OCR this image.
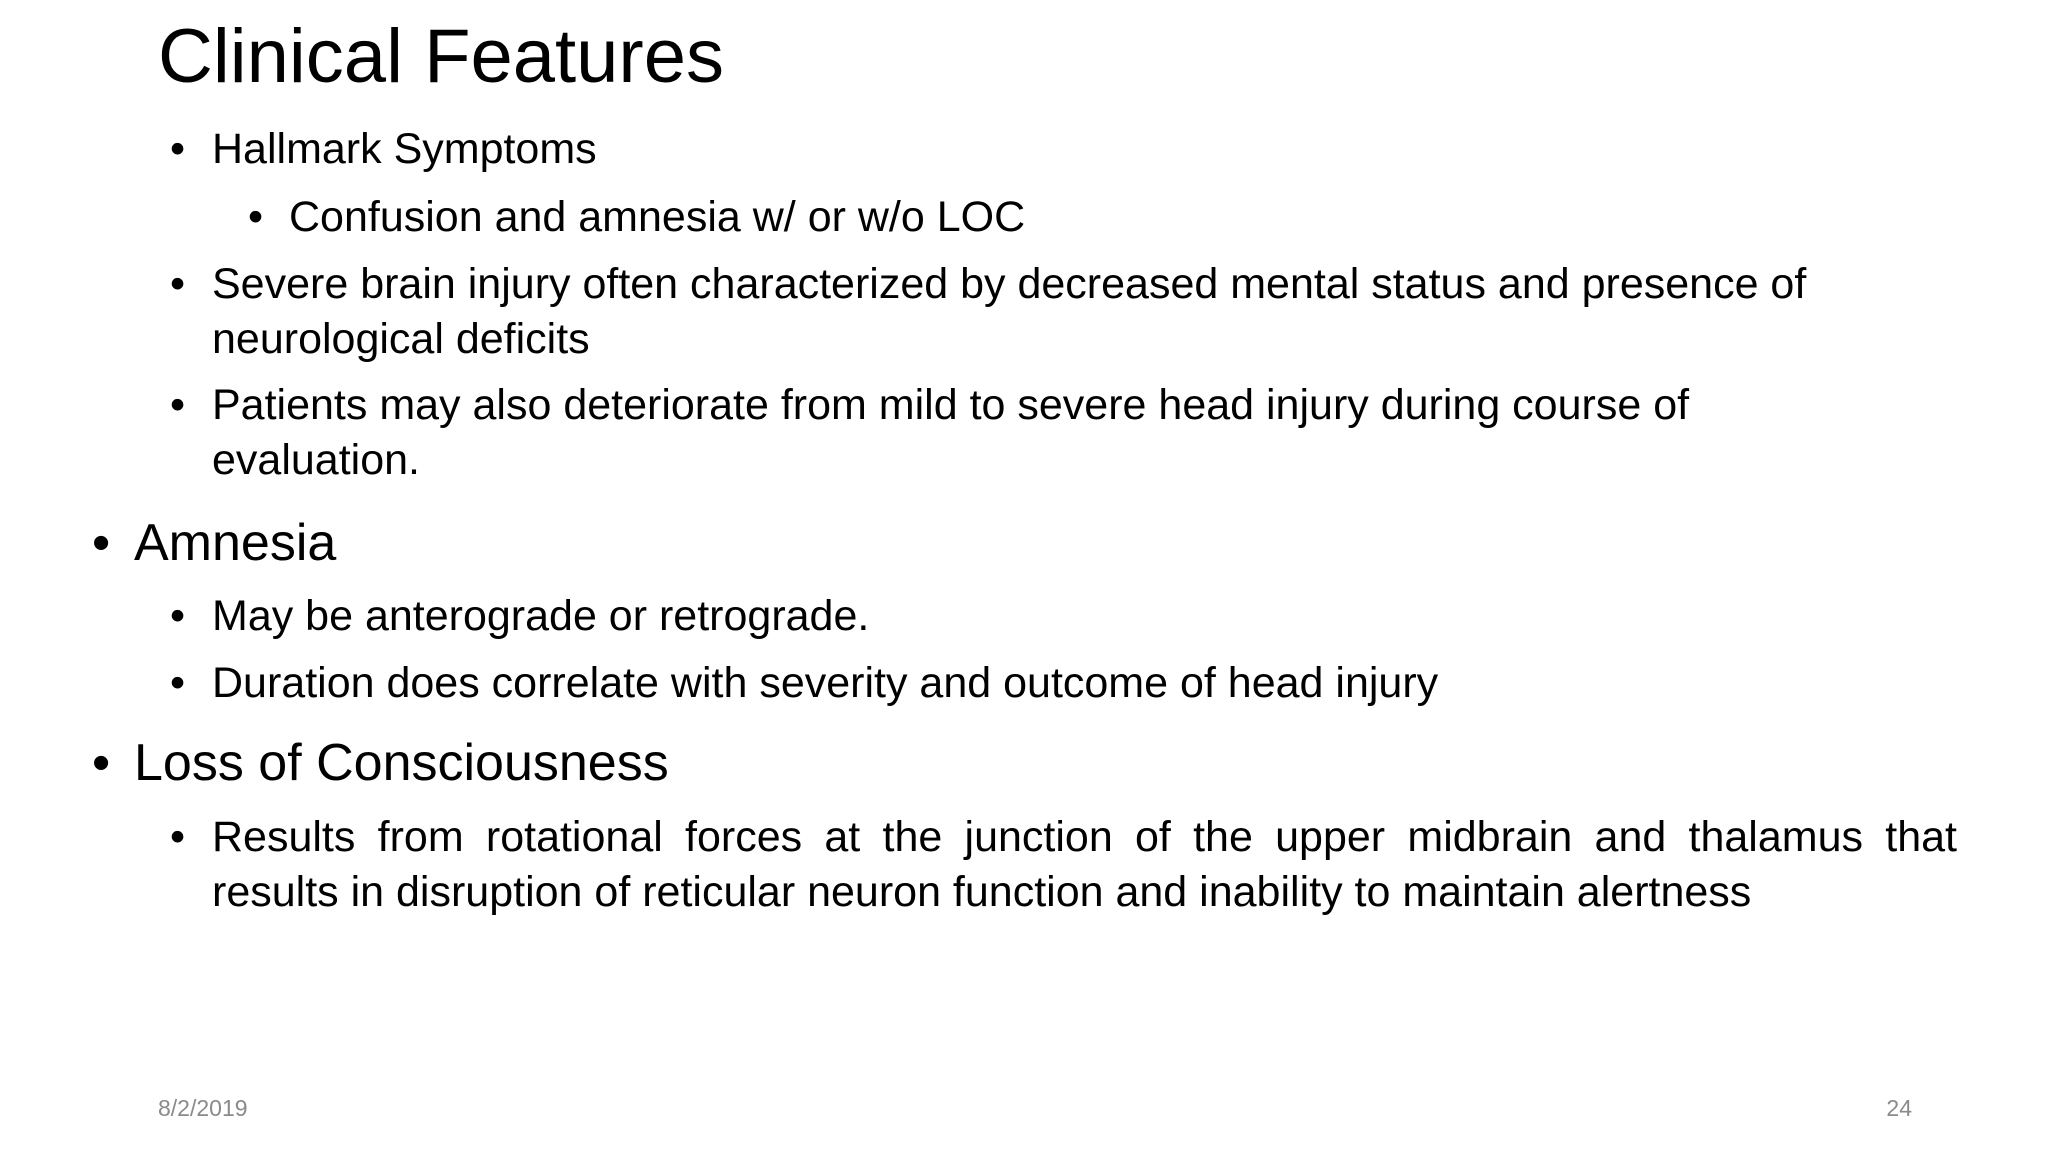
Clinical Features
• Hallmark Symptoms
• Confusion and amnesia w/ or w/o LOC
• Severe brain injury often characterized by decreased mental status and presence of neurological deficits
• Patients may also deteriorate from mild to severe head injury during course of evaluation.
• Amnesia
• May be anterograde or retrograde.
• Duration does correlate with severity and outcome of head injury
• Loss of Consciousness
• Results from rotational forces at the junction of the upper midbrain and thalamus that results in disruption of reticular neuron function and inability to maintain alertness
8/2/2019	24
